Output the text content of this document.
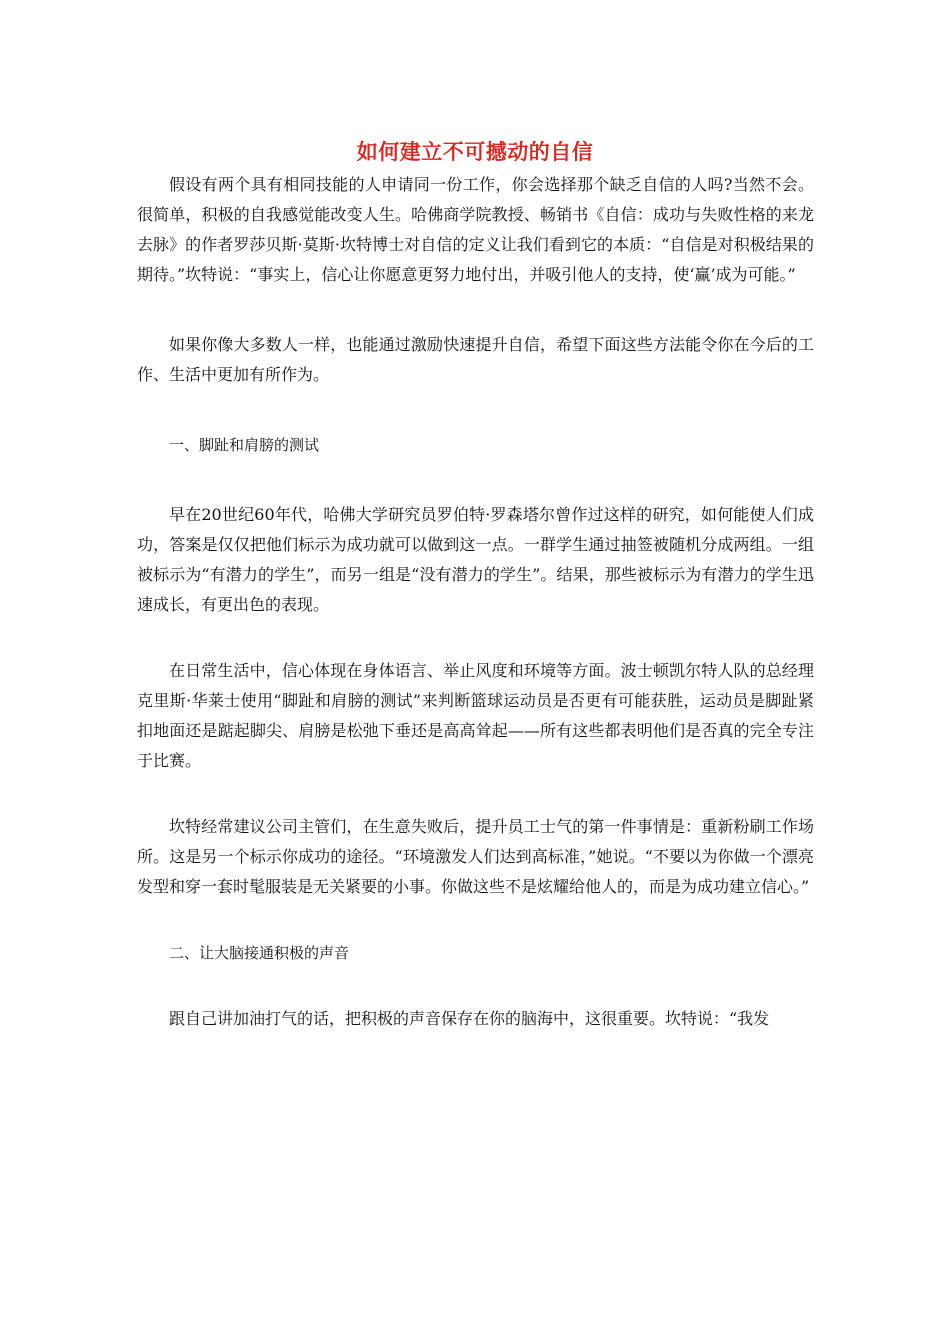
如何建立不可撼动的自信

假设有两个具有相同技能的人申请同一份工作，你会选择那个缺乏自信的人吗?当然不会。很简单，积极的自我感觉能改变人生。哈佛商学院教授、畅销书《自信：成功与失败性格的来龙去脉》的作者罗莎贝斯·莫斯·坎特博士对自信的定义让我们看到它的本质：“自信是对积极结果的期待。”坎特说：“事实上，信心让你愿意更努力地付出，并吸引他人的支持，使‘赢’成为可能。”

如果你像大多数人一样，也能通过激励快速提升自信，希望下面这些方法能令你在今后的工作、生活中更加有所作为。

一、脚趾和肩膀的测试

早在20世纪60年代，哈佛大学研究员罗伯特·罗森塔尔曾作过这样的研究，如何能使人们成功，答案是仅仅把他们标示为成功就可以做到这一点。一群学生通过抽签被随机分成两组。一组被标示为“有潜力的学生”，而另一组是“没有潜力的学生”。结果，那些被标示为有潜力的学生迅速成长，有更出色的表现。

在日常生活中，信心体现在身体语言、举止风度和环境等方面。波士顿凯尔特人队的总经理克里斯·华莱士使用“脚趾和肩膀的测试”来判断篮球运动员是否更有可能获胜，运动员是脚趾紧扣地面还是踮起脚尖、肩膀是松弛下垂还是高高耸起——所有这些都表明他们是否真的完全专注于比赛。

坎特经常建议公司主管们，在生意失败后，提升员工士气的第一件事情是：重新粉刷工作场所。这是另一个标示你成功的途径。“环境激发人们达到高标准，”她说。“不要以为你做一个漂亮发型和穿一套时髦服装是无关紧要的小事。你做这些不是炫耀给他人的，而是为成功建立信心。”

二、让大脑接通积极的声音

跟自己讲加油打气的话，把积极的声音保存在你的脑海中，这很重要。坎特说：“我发
